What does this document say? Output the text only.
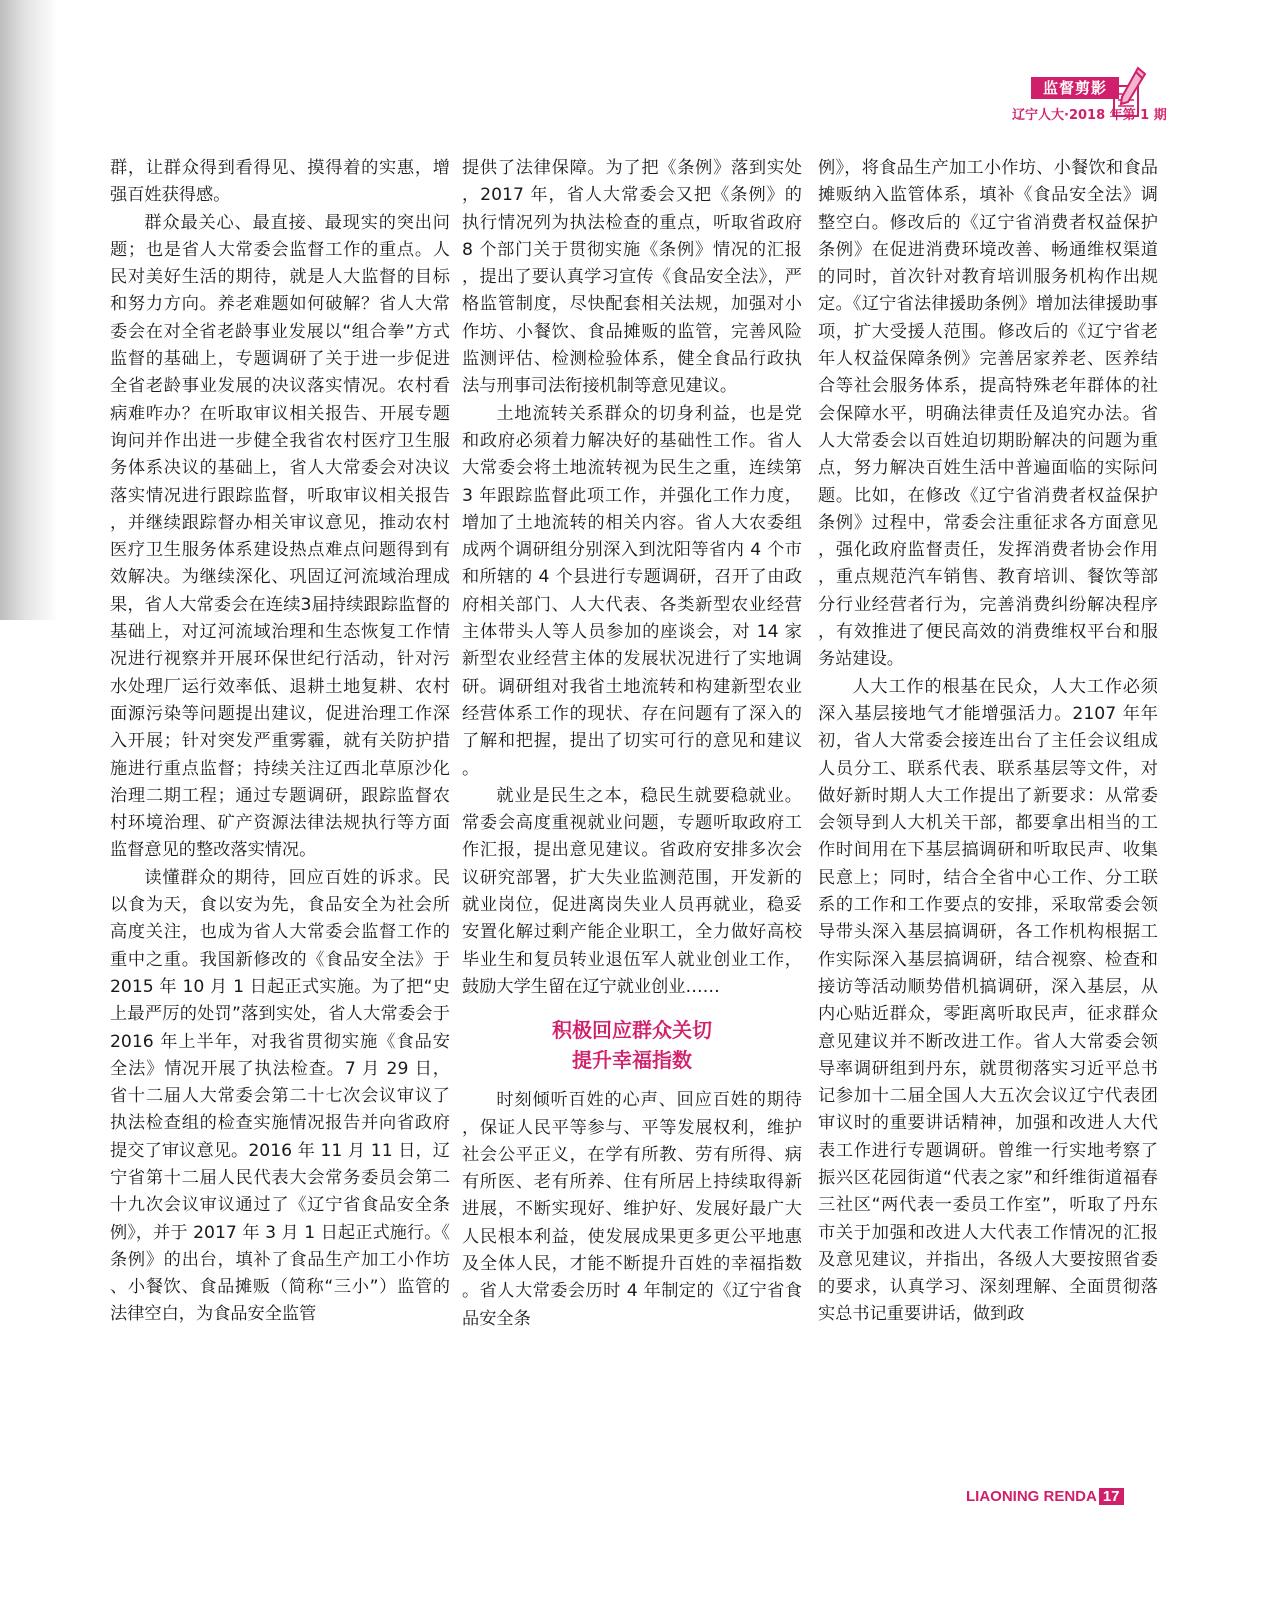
监督剪影
辽宁人大·2018 年第 1 期

群，让群众得到看得见、摸得着的实惠，增强百姓获得感。

群众最关心、最直接、最现实的突出问题；也是省人大常委会监督工作的重点。人民对美好生活的期待，就是人大监督的目标和努力方向。养老难题如何破解？省人大常委会在对全省老龄事业发展以“组合拳”方式监督的基础上，专题调研了关于进一步促进全省老龄事业发展的决议落实情况。农村看病难咋办？在听取审议相关报告、开展专题询问并作出进一步健全我省农村医疗卫生服务体系决议的基础上，省人大常委会对决议落实情况进行跟踪监督，听取审议相关报告，并继续跟踪督办相关审议意见，推动农村医疗卫生服务体系建设热点难点问题得到有效解决。为继续深化、巩固辽河流域治理成果，省人大常委会在连续3届持续跟踪监督的基础上，对辽河流域治理和生态恢复工作情况进行视察并开展环保世纪行活动，针对污水处理厂运行效率低、退耕土地复耕、农村面源污染等问题提出建议，促进治理工作深入开展；针对突发严重雾霾，就有关防护措施进行重点监督；持续关注辽西北草原沙化治理二期工程；通过专题调研，跟踪监督农村环境治理、矿产资源法律法规执行等方面监督意见的整改落实情况。

读懂群众的期待，回应百姓的诉求。民以食为天，食以安为先，食品安全为社会所高度关注，也成为省人大常委会监督工作的重中之重。我国新修改的《食品安全法》于 2015 年 10 月 1 日起正式实施。为了把“史上最严厉的处罚”落到实处，省人大常委会于 2016 年上半年，对我省贯彻实施《食品安全法》情况开展了执法检查。7 月 29 日，省十二届人大常委会第二十七次会议审议了执法检查组的检查实施情况报告并向省政府提交了审议意见。2016 年 11 月 11 日，辽宁省第十二届人民代表大会常务委员会第二十九次会议审议通过了《辽宁省食品安全条例》，并于 2017 年 3 月 1 日起正式施行。《条例》的出台，填补了食品生产加工小作坊、小餐饮、食品摊贩（简称“三小”）监管的法律空白，为食品安全监管

提供了法律保障。为了把《条例》落到实处，2017 年，省人大常委会又把《条例》的执行情况列为执法检查的重点，听取省政府 8 个部门关于贯彻实施《条例》情况的汇报，提出了要认真学习宣传《食品安全法》，严格监管制度，尽快配套相关法规，加强对小作坊、小餐饮、食品摊贩的监管，完善风险监测评估、检测检验体系，健全食品行政执法与刑事司法衔接机制等意见建议。

土地流转关系群众的切身利益，也是党和政府必须着力解决好的基础性工作。省人大常委会将土地流转视为民生之重，连续第 3 年跟踪监督此项工作，并强化工作力度，增加了土地流转的相关内容。省人大农委组成两个调研组分别深入到沈阳等省内 4 个市和所辖的 4 个县进行专题调研，召开了由政府相关部门、人大代表、各类新型农业经营主体带头人等人员参加的座谈会，对 14 家新型农业经营主体的发展状况进行了实地调研。调研组对我省土地流转和构建新型农业经营体系工作的现状、存在问题有了深入的了解和把握，提出了切实可行的意见和建议。

就业是民生之本，稳民生就要稳就业。常委会高度重视就业问题，专题听取政府工作汇报，提出意见建议。省政府安排多次会议研究部署，扩大失业监测范围，开发新的就业岗位，促进离岗失业人员再就业，稳妥安置化解过剩产能企业职工，全力做好高校毕业生和复员转业退伍军人就业创业工作，鼓励大学生留在辽宁就业创业……

积极回应群众关切
提升幸福指数

时刻倾听百姓的心声、回应百姓的期待，保证人民平等参与、平等发展权利，维护社会公平正义，在学有所教、劳有所得、病有所医、老有所养、住有所居上持续取得新进展，不断实现好、维护好、发展好最广大人民根本利益，使发展成果更多更公平地惠及全体人民，才能不断提升百姓的幸福指数。省人大常委会历时 4 年制定的《辽宁省食品安全条

例》，将食品生产加工小作坊、小餐饮和食品摊贩纳入监管体系，填补《食品安全法》调整空白。修改后的《辽宁省消费者权益保护条例》在促进消费环境改善、畅通维权渠道的同时，首次针对教育培训服务机构作出规定。《辽宁省法律援助条例》增加法律援助事项，扩大受援人范围。修改后的《辽宁省老年人权益保障条例》完善居家养老、医养结合等社会服务体系，提高特殊老年群体的社会保障水平，明确法律责任及追究办法。省人大常委会以百姓迫切期盼解决的问题为重点，努力解决百姓生活中普遍面临的实际问题。比如，在修改《辽宁省消费者权益保护条例》过程中，常委会注重征求各方面意见，强化政府监督责任，发挥消费者协会作用，重点规范汽车销售、教育培训、餐饮等部分行业经营者行为，完善消费纠纷解决程序，有效推进了便民高效的消费维权平台和服务站建设。

人大工作的根基在民众，人大工作必须深入基层接地气才能增强活力。2107 年年初，省人大常委会接连出台了主任会议组成人员分工、联系代表、联系基层等文件，对做好新时期人大工作提出了新要求：从常委会领导到人大机关干部，都要拿出相当的工作时间用在下基层搞调研和听取民声、收集民意上；同时，结合全省中心工作、分工联系的工作和工作要点的安排，采取常委会领导带头深入基层搞调研，各工作机构根据工作实际深入基层搞调研，结合视察、检查和接访等活动顺势借机搞调研，深入基层，从内心贴近群众，零距离听取民声，征求群众意见建议并不断改进工作。省人大常委会领导率调研组到丹东，就贯彻落实习近平总书记参加十二届全国人大五次会议辽宁代表团审议时的重要讲话精神，加强和改进人大代表工作进行专题调研。曾维一行实地考察了振兴区花园街道“代表之家”和纤维街道福春三社区“两代表一委员工作室”，听取了丹东市关于加强和改进人大代表工作情况的汇报及意见建议，并指出，各级人大要按照省委的要求，认真学习、深刻理解、全面贯彻落实总书记重要讲话，做到政

LIAONING RENDA 17
